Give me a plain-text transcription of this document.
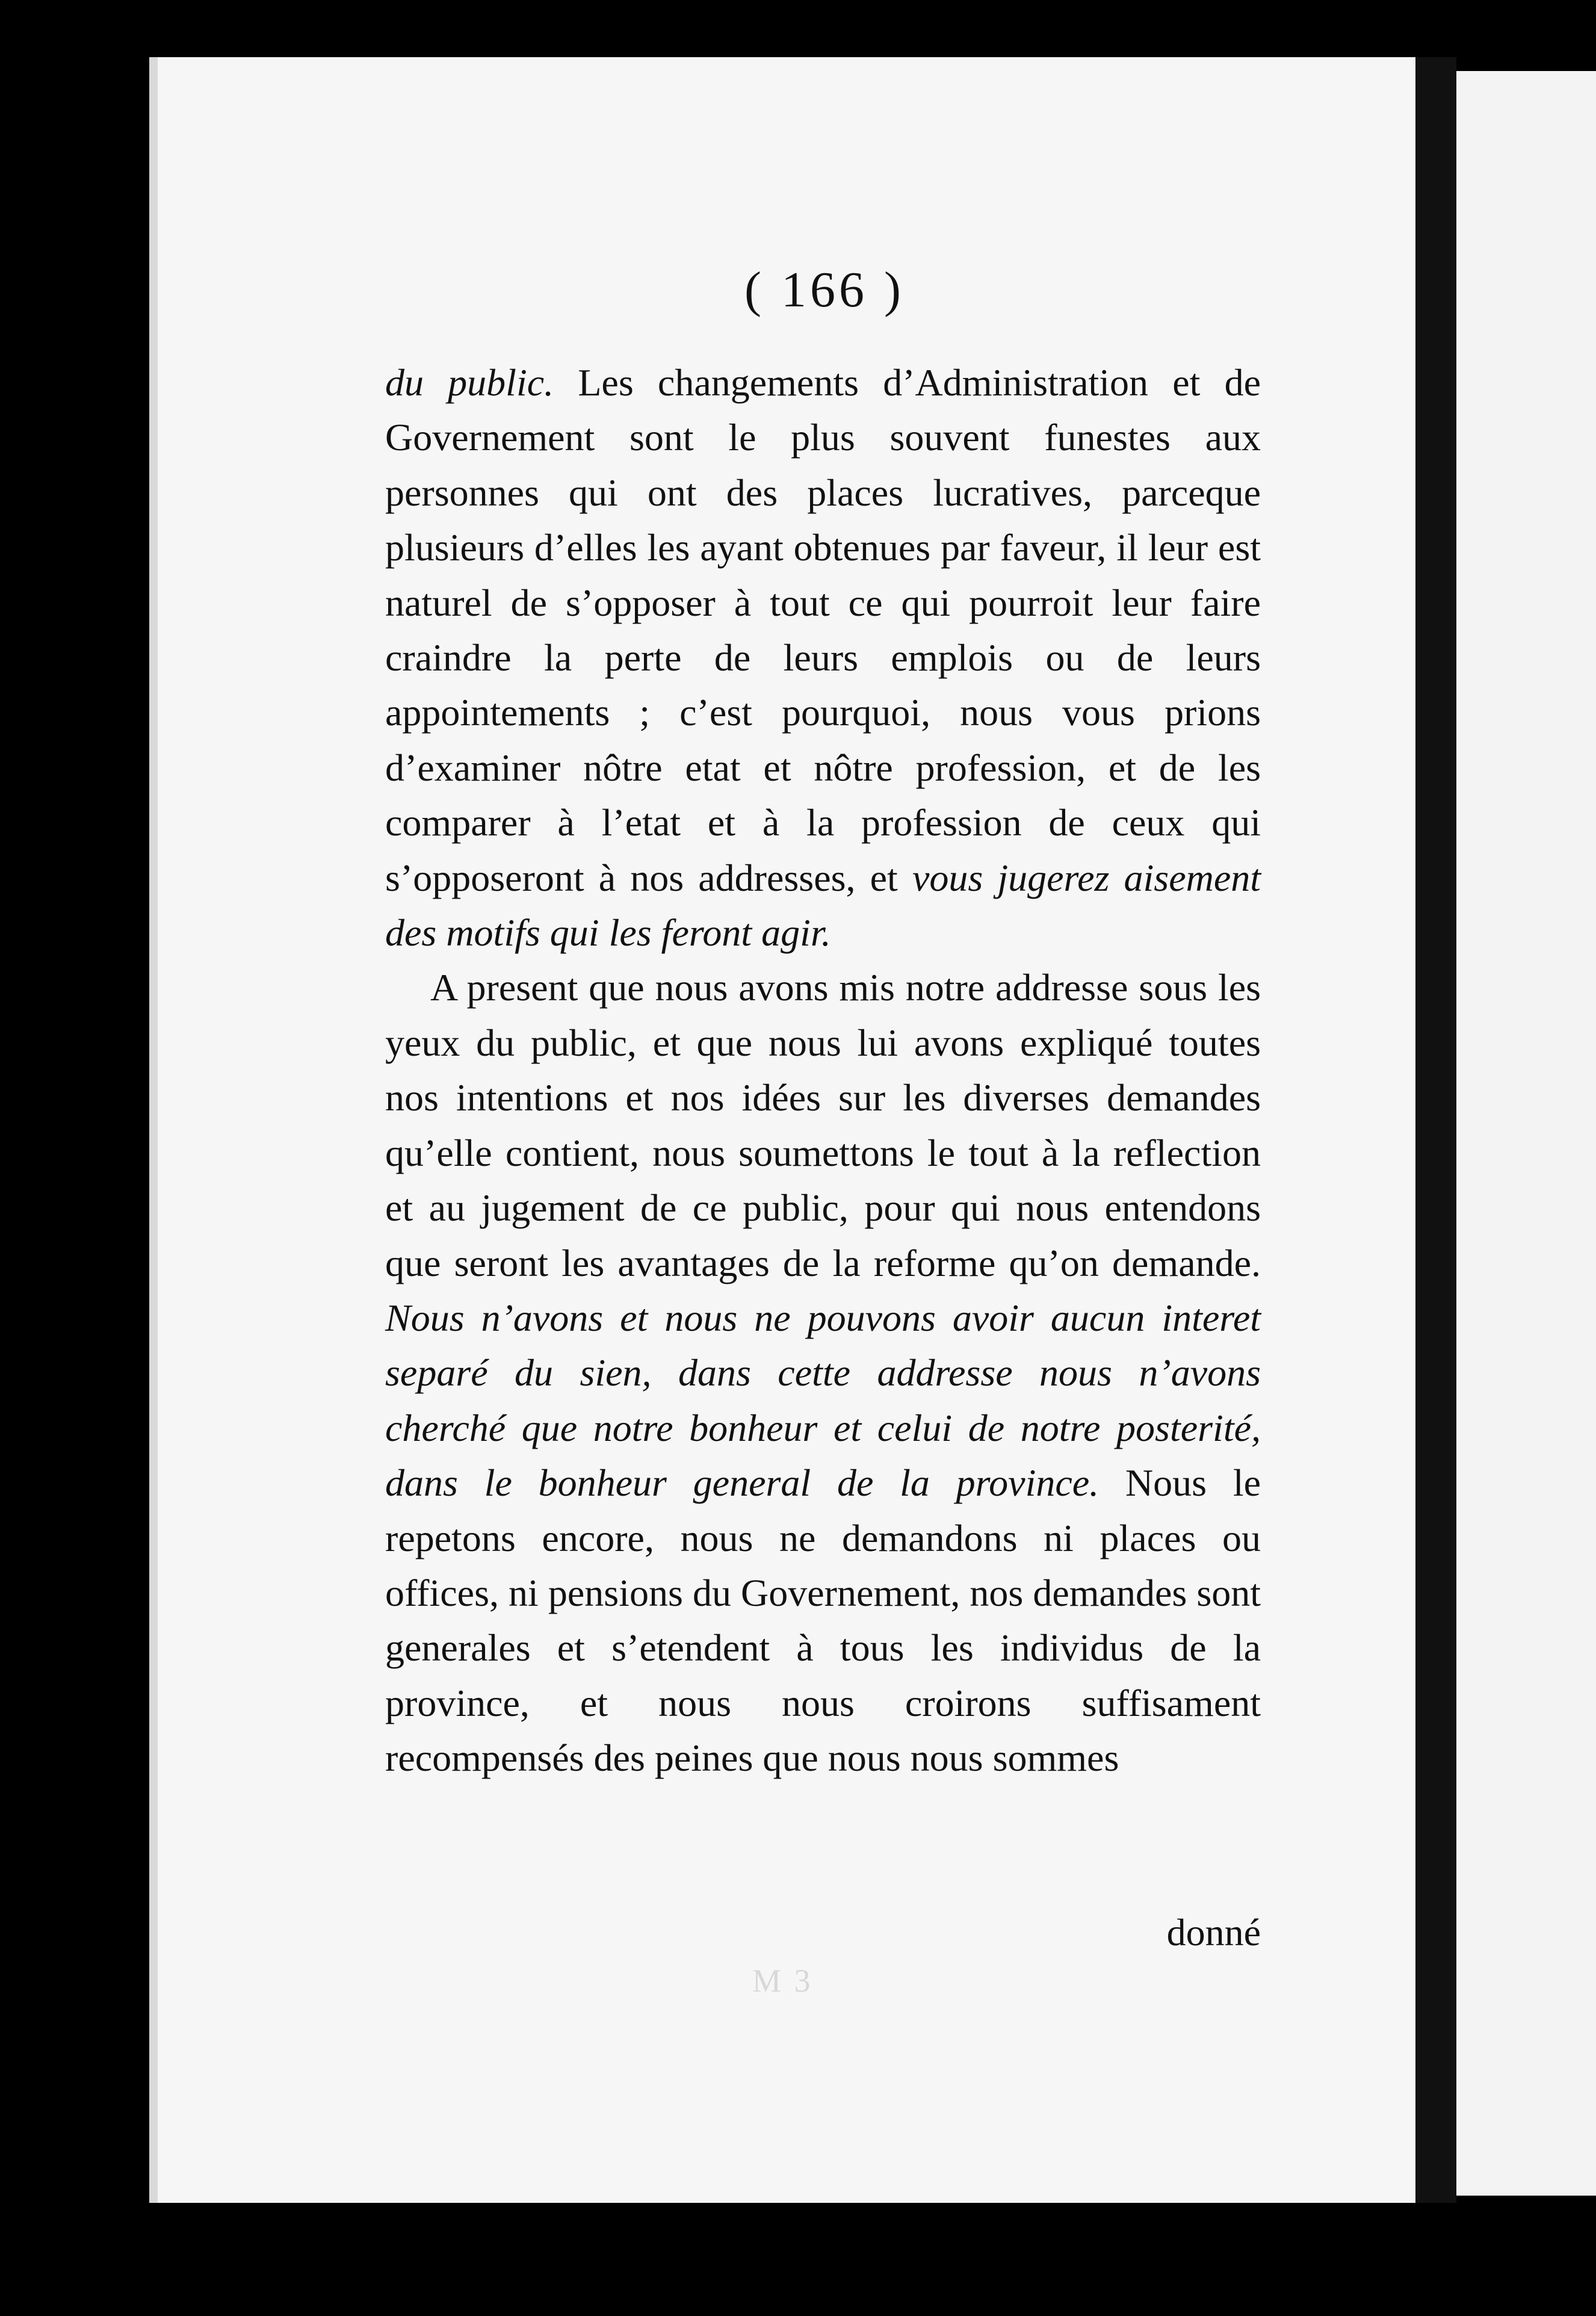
( 166 )

du public. Les changements d’Administration et de Governement sont le plus souvent funestes aux personnes qui ont des places lucratives, parceque plusieurs d’elles les ayant obtenues par faveur, il leur est naturel de s’opposer à tout ce qui pourroit leur faire craindre la perte de leurs emplois ou de leurs appointements ; c’est pourquoi, nous vous prions d’examiner nôtre etat et nôtre profession, et de les comparer à l’etat et à la profession de ceux qui s’opposeront à nos addresses, et vous jugerez aisement des motifs qui les feront agir.

A present que nous avons mis notre addresse sous les yeux du public, et que nous lui avons expliqué toutes nos intentions et nos idées sur les diverses demandes qu’elle contient, nous soumettons le tout à la reflection et au jugement de ce public, pour qui nous entendons que seront les avantages de la reforme qu’on demande. Nous n’avons et nous ne pouvons avoir aucun interet separé du sien, dans cette addresse nous n’avons cherché que notre bonheur et celui de notre posterité, dans le bonheur general de la province. Nous le repetons encore, nous ne demandons ni places ou offices, ni pensions du Governement, nos demandes sont generales et s’etendent à tous les individus de la province, et nous nous croirons suffisament recompensés des peines que nous nous sommes

donné
M 3
